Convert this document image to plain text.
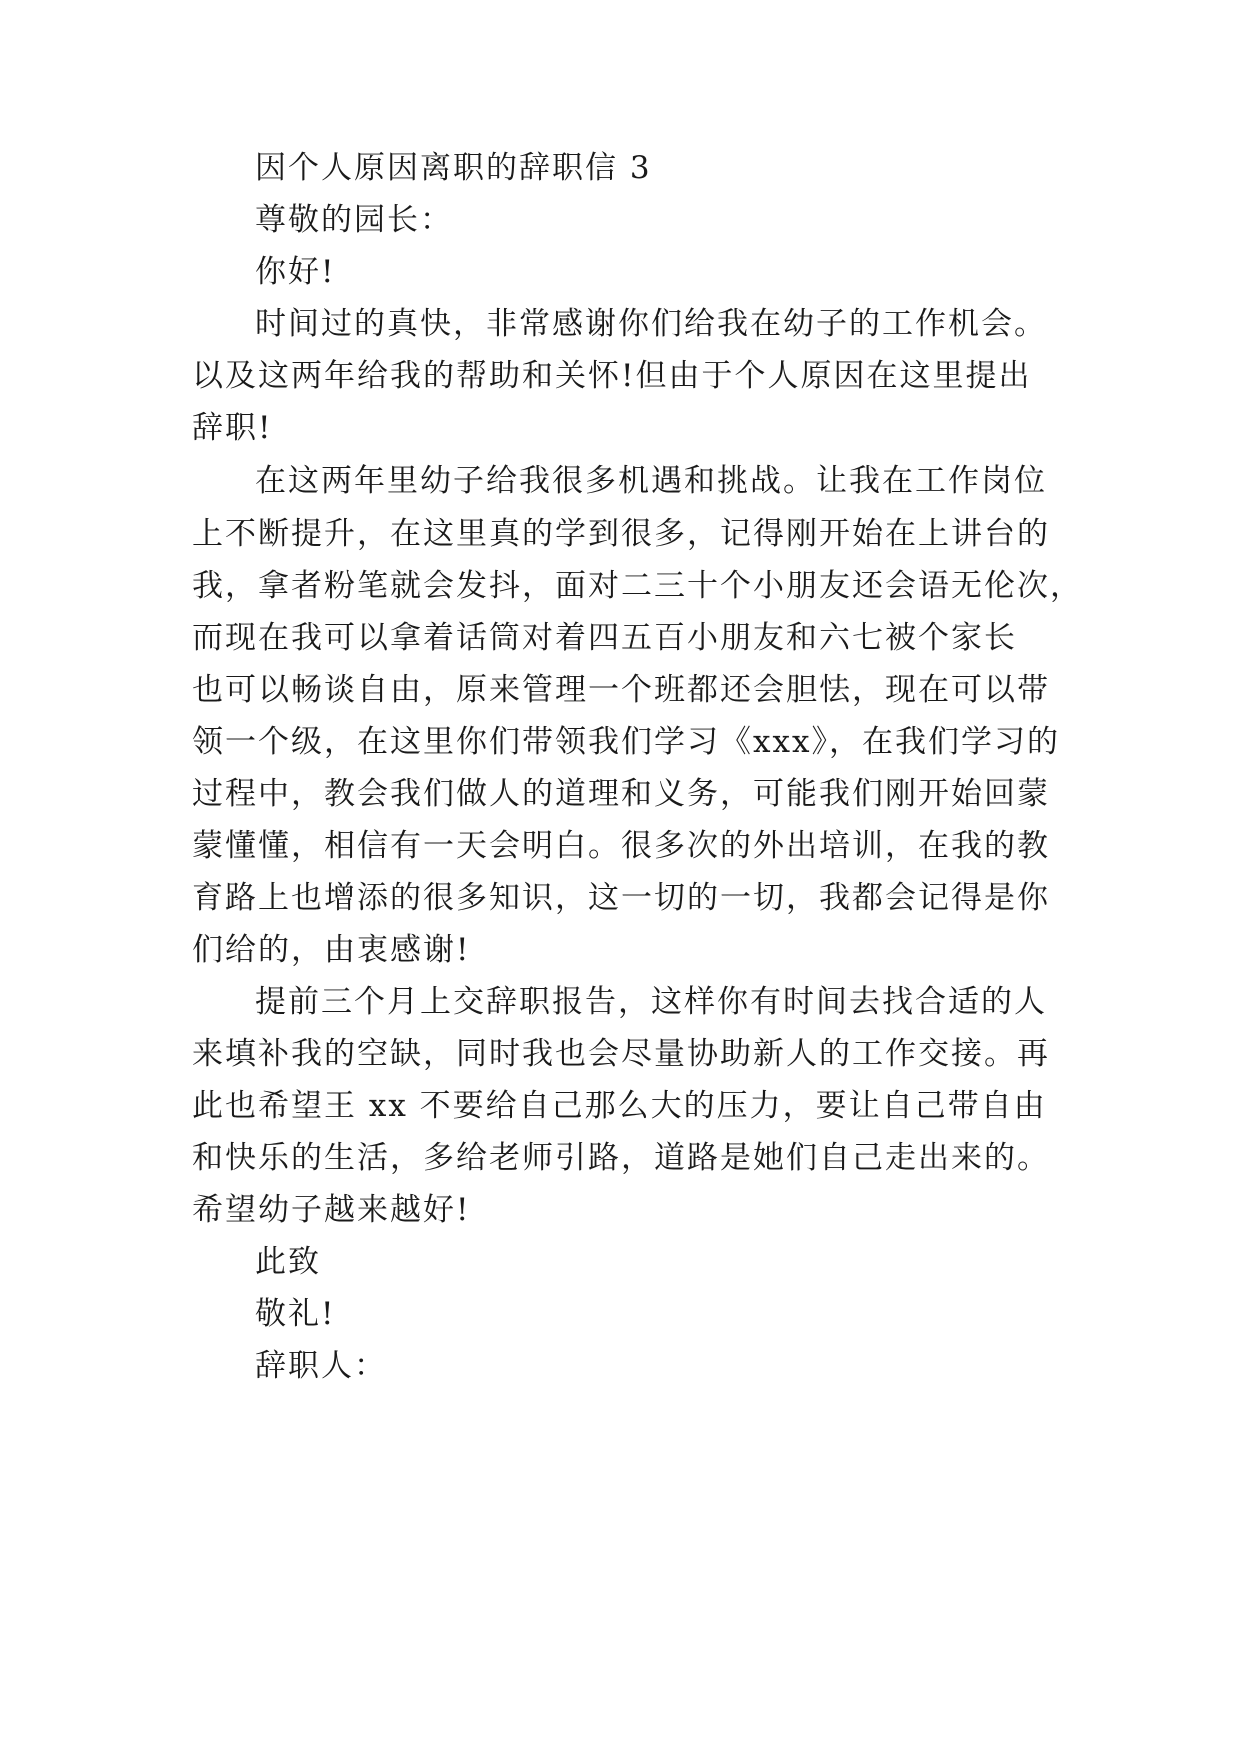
因个人原因离职的辞职信 3
尊敬的园长：
你好!
时间过的真快，非常感谢你们给我在幼子的工作机会。
以及这两年给我的帮助和关怀!但由于个人原因在这里提出
辞职!
在这两年里幼子给我很多机遇和挑战。让我在工作岗位
上不断提升，在这里真的学到很多，记得刚开始在上讲台的
我，拿者粉笔就会发抖，面对二三十个小朋友还会语无伦次，
而现在我可以拿着话筒对着四五百小朋友和六七被个家长
也可以畅谈自由，原来管理一个班都还会胆怯，现在可以带
领一个级，在这里你们带领我们学习《xxx》，在我们学习的
过程中，教会我们做人的道理和义务，可能我们刚开始回蒙
蒙懂懂，相信有一天会明白。很多次的外出培训，在我的教
育路上也增添的很多知识，这一切的一切，我都会记得是你
们给的，由衷感谢!
提前三个月上交辞职报告，这样你有时间去找合适的人
来填补我的空缺，同时我也会尽量协助新人的工作交接。再
此也希望王 xx 不要给自己那么大的压力，要让自己带自由
和快乐的生活，多给老师引路，道路是她们自己走出来的。
希望幼子越来越好!
此致
敬礼!
辞职人：
